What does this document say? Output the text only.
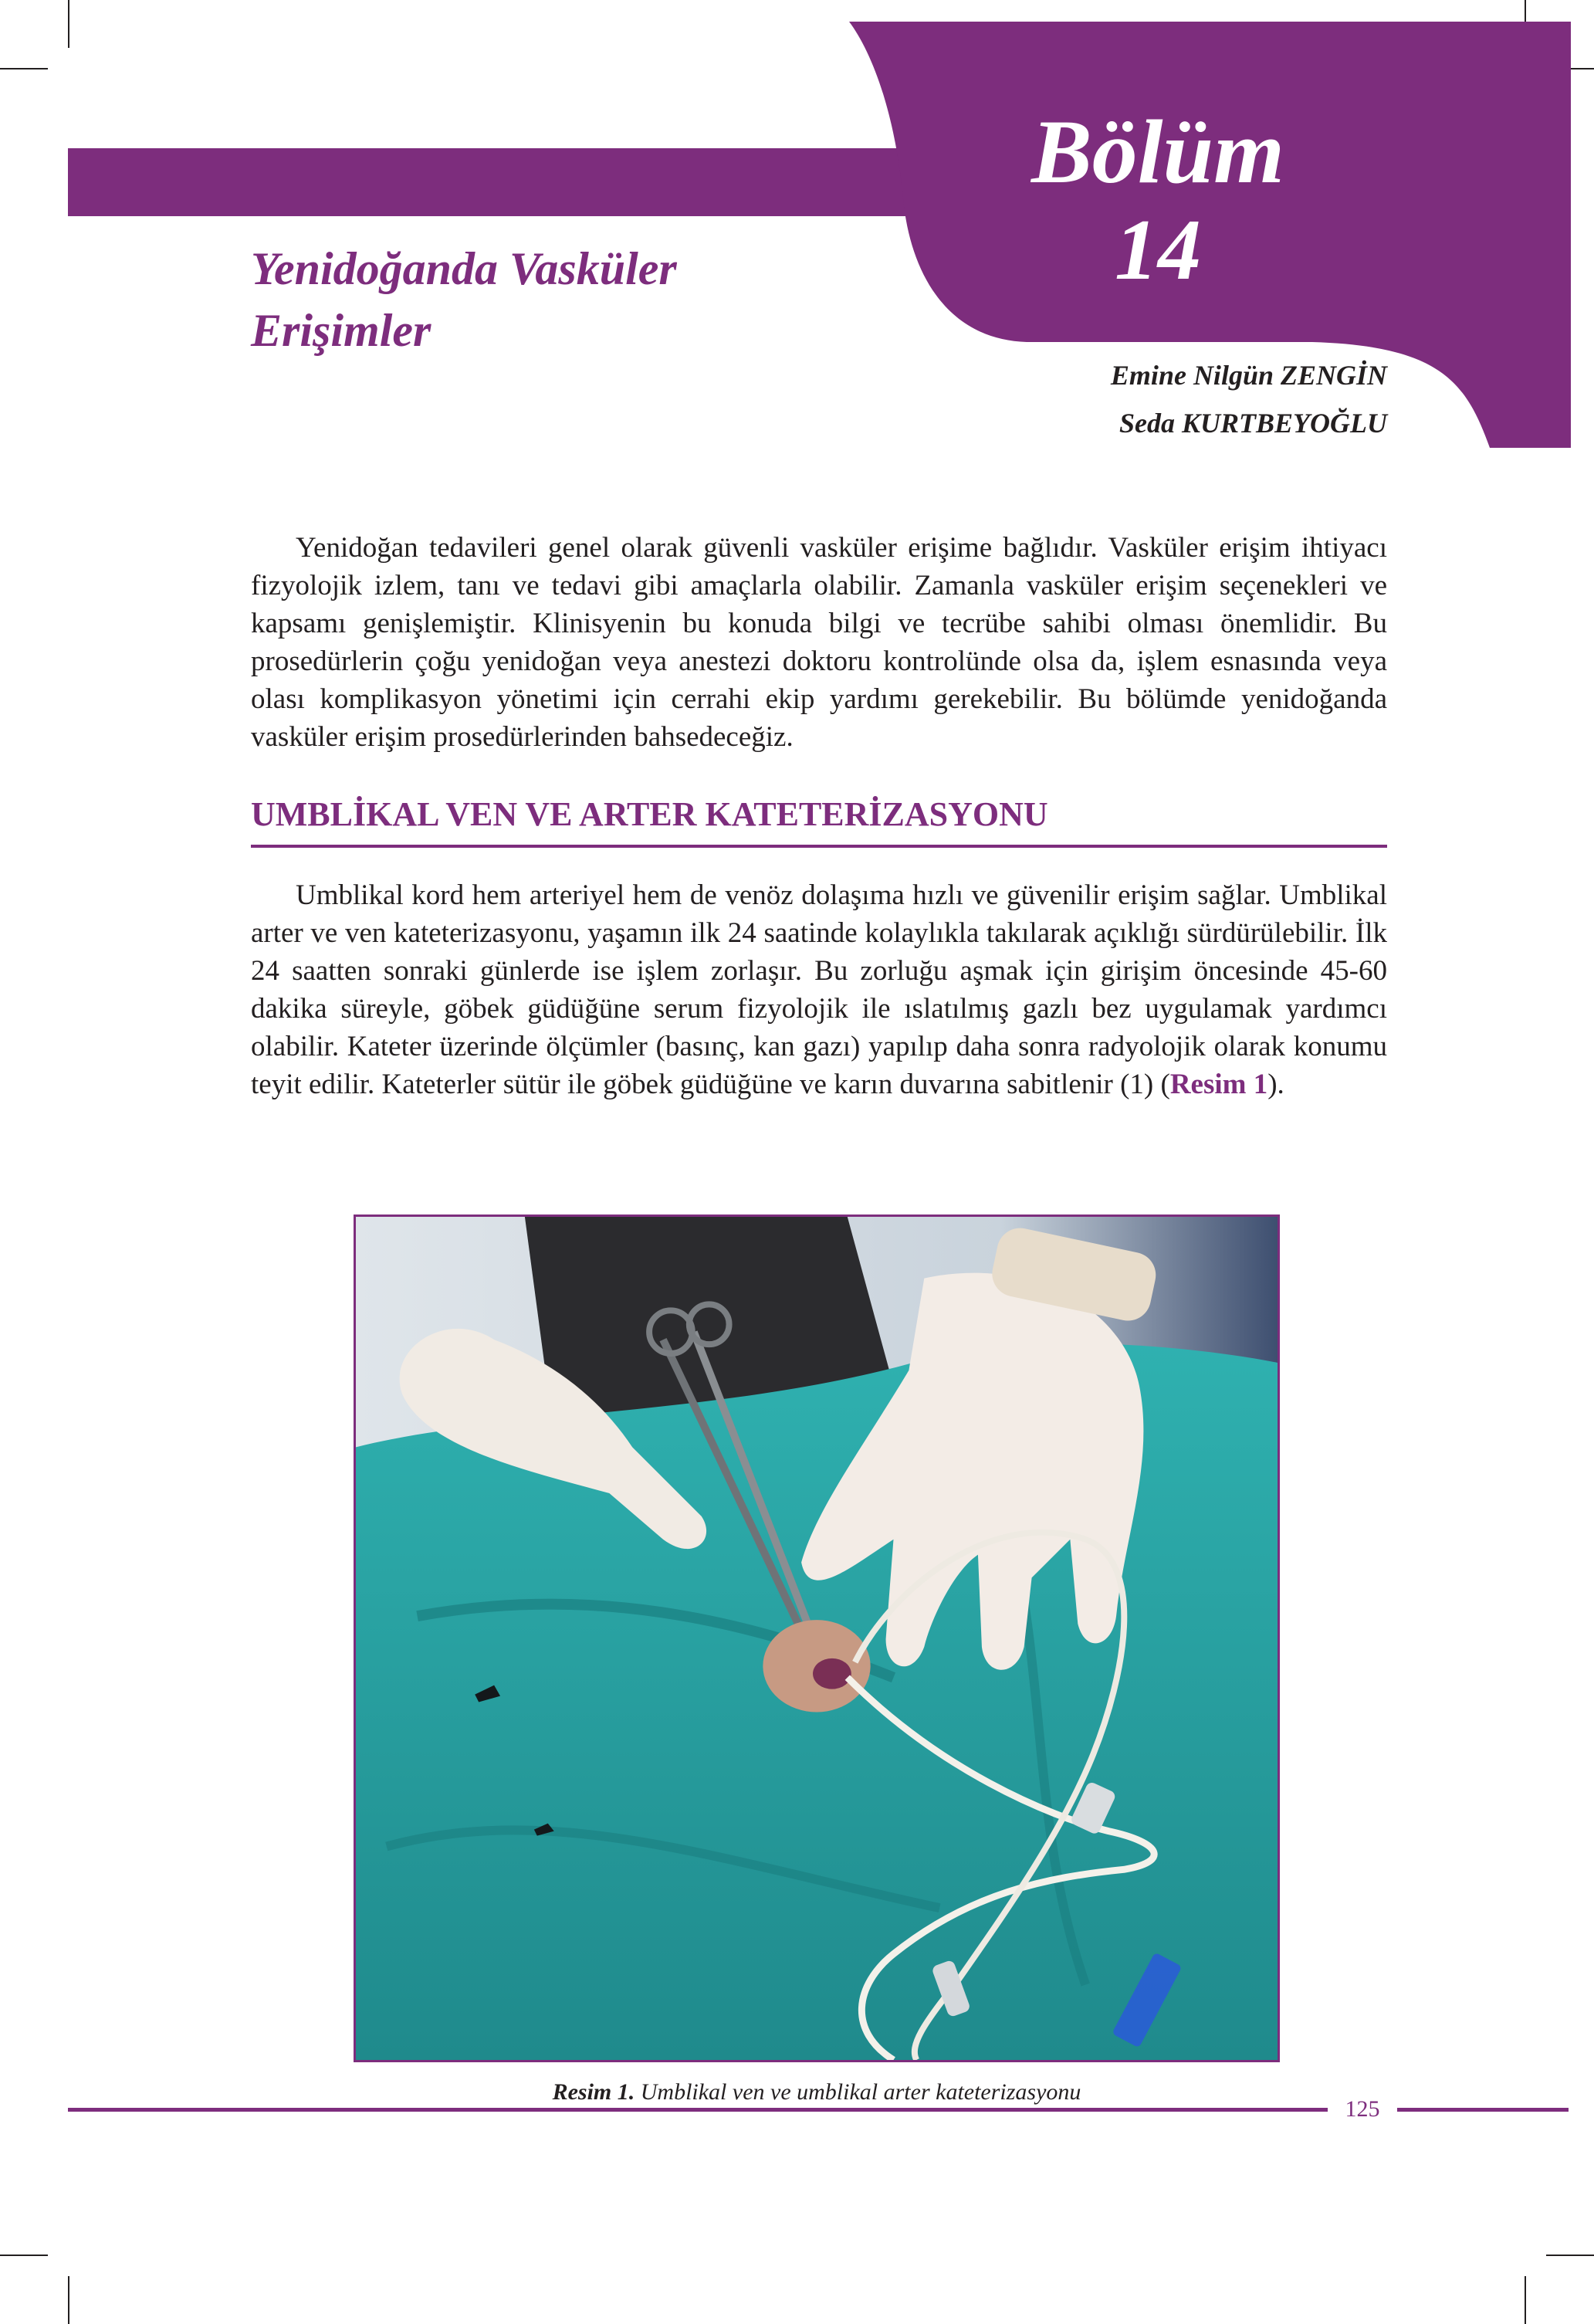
Bölüm
14
Yenidoğanda Vasküler
Erişimler
Emine Nilgün ZENGİN
Seda KURTBEYOĞLU

Yenidoğan tedavileri genel olarak güvenli vasküler erişime bağlıdır. Vasküler erişim ihtiyacı fizyolojik izlem, tanı ve tedavi gibi amaçlarla olabilir. Zamanla vasküler erişim seçenekleri ve kapsamı genişlemiştir. Klinisyenin bu konuda bilgi ve tecrübe sahibi olması önemlidir. Bu prosedürlerin çoğu yenidoğan veya anestezi doktoru kontrolünde olsa da, işlem esnasında veya olası komplikasyon yönetimi için cerrahi ekip yardımı gerekebilir. Bu bölümde yenidoğanda vasküler erişim prosedürlerinden bahsedeceğiz.

UMBLİKAL VEN VE ARTER KATETERİZASYONU

Umblikal kord hem arteriyel hem de venöz dolaşıma hızlı ve güvenilir erişim sağlar. Umblikal arter ve ven kateterizasyonu, yaşamın ilk 24 saatinde kolaylıkla takılarak açıklığı sürdürülebilir. İlk 24 saatten sonraki günlerde ise işlem zorlaşır. Bu zorluğu aşmak için girişim öncesinde 45-60 dakika süreyle, göbek güdüğüne serum fizyolojik ile ıslatılmış gazlı bez uygulamak yardımcı olabilir. Kateter üzerinde ölçümler (basınç, kan gazı) yapılıp daha sonra radyolojik olarak konumu teyit edilir. Kateterler sütür ile göbek güdüğüne ve karın duvarına sabitlenir (1) (Resim 1).

Resim 1. Umblikal ven ve umblikal arter kateterizasyonu
125
